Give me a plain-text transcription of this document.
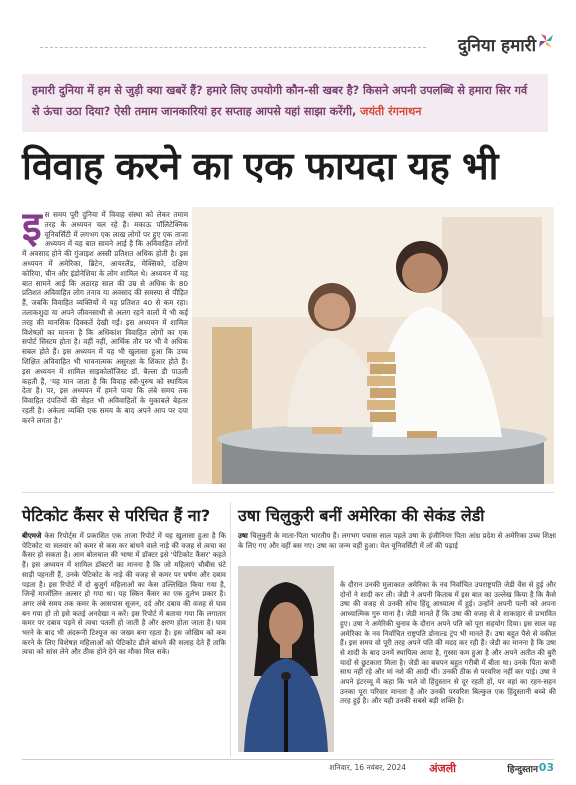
दुनिया हमारी
हमारी दुनिया में हम से जुड़ी क्या खबरें हैं? हमारे लिए उपयोगी कौन-सी खबर है? किसने अपनी उपलब्धि से हमारा सिर गर्व से ऊंचा उठा दिया? ऐसी तमाम जानकारियां हर सप्ताह आपसे यहां साझा करेंगी, जयंती रंगनाथन
विवाह करने का एक फायदा यह भी
इस समय पूरी दुनिया में विवाह संस्था को लेकर तमाम तरह के अध्ययन चल रहे हैं। मकाऊ पॉलिटेक्निक यूनिवर्सिटी में लगभग एक लाख लोगों पर हुए एक ताजा अध्ययन में यह बात सामने आई है कि अविवाहित लोगों में अवसाद होने की गुंजाइश अस्सी प्रतिशत अधिक होती है। इस अध्ययन में अमेरिका, ब्रिटेन, आयरलैंड, मेक्सिको, दक्षिण कोरिया, चीन और इंडोनेशिया के लोग शामिल थे। अध्ययन में यह बात सामने आई कि अठारह साल की उम्र से अधिक के 80 प्रतिशत अविवाहित लोग तनाव या अवसाद की समस्या से पीड़ित हैं, जबकि विवाहित व्यक्तियों में यह प्रतिशत 40 से कम रहा। तलाकशुदा या अपने जीवनसाथी से अलग रहने वालों में भी कई तरह की मानसिक दिक्कतें देखी गईं। इस अध्ययन में शामिल विशेषज्ञों का मानना है कि अधिकांश विवाहित लोगों का एक सपोर्ट सिस्टम होता है। वहीं नहीं, आर्थिक तौर पर भी वे अधिक सबल होते हैं। इस अध्ययन में यह भी खुलासा हुआ कि उच्च शिक्षित अविवाहित भी भावनात्मक असुरक्षा के शिकार होते हैं। इस अध्ययन में शामिल साइकोलॉजिस्ट डॉ. बैल्ला डी पाउली कहती हैं, 'यह मान जाता है कि विवाह स्त्री-पुरुष को स्थायित्व देता है। पर, इस अध्ययन में हमने पाया कि लंबे समय तक विवाहित दंपतियों की सेहत भी अविवाहितों के मुकाबले बेहतर रहती है। अकेला व्यक्ति एक समय के बाद अपने आप पर दया करने लगता है।'
पेटिकोट कैंसर से परिचित हैं ना?
बीएमजे केस रिपोर्ट्स में प्रकाशित एक ताजा रिपोर्ट में यह खुलासा हुआ है कि पेटिकोट या सलवार को कमर से कस कर बांधने वाले नाड़े की वजह से त्वचा का कैंसर हो सकता है। आम बोलचाल की भाषा में डॉक्टर इसे 'पेटिकोट कैंसर' कहते हैं। इस अध्ययन में शामिल डॉक्टरों का मानना है कि जो महिलाएं चौबीस घंटे साड़ी पहनती हैं, उनके पेटिकोट के नाड़े की वजह से कमर पर घर्षण और दबाव पड़ता है। इस रिपोर्ट में दो बुजुर्ग महिलाओं का केस उल्लिखित किया गया है, जिन्हें मार्जोलिन अल्सर हो गया था। यह स्किन कैंसर का एक दुर्लभ प्रकार है। अगर लंबे समय तक कमर के आसपास सूजन, दर्द और दबाव की वजह से घाव बन गया हो तो इसे कतई अनदेखा न करें। इस रिपोर्ट में बताया गया कि लगातार कमर पर दबाव पड़ने से त्वचा पतली हो जाती है और क्षरण होता जाता है। घाव भरने के बाद भी अंदरूनी टिश्यूज का जख्म बना रहता है। इस जोखिम को कम करने के लिए विशेषज्ञ महिलाओं को पेटिकोट ढीले बांधने की सलाह देते हैं ताकि त्वचा को सांस लेने और ठीक होने देने का मौका मिल सके।
उषा चिलुकुरी बनीं अमेरिका की सेकंड लेडी
उषा चिलुकुरी के माता-पिता भारतीय हैं। लगभग पचास साल पहले उषा के इंजीनियर पिता आंध्र प्रदेश से अमेरिका उच्च शिक्षा के लिए गए और वहीं बस गए। उषा का जन्म वहीं हुआ। येल यूनिवर्सिटी में लॉ की पढ़ाई
के दौरान उनकी मुलाकात अमेरिका के नव निर्वाचित उपराष्ट्रपति जेडी वेंस से हुई और दोनों ने शादी कर ली। जेडी ने अपनी किताब में इस बात का उल्लेख किया है कि कैसे उषा की वजह से उनकी सोच हिंदू आध्यात्म में हुई। उन्होंने अपनी पत्नी को अपना आध्यात्मिक गुरु माना है। जेडी मानते हैं कि उषा की वजह से वे शाकाहार से प्रभावित हुए। उषा ने अमेरिकी चुनाव के दौरान अपने पति को पूरा सहयोग दिया। इस साल वह अमेरिका के नव निर्वाचित राष्ट्रपति डोनाल्ड ट्रंप भी मानते हैं। उषा बहुत पैसे से वकील हैं। इस समय वो पूरी तरह अपने पति की मदद कर रही हैं। जेडी का मानना है कि उषा से शादी के बाद उनमें स्थायित्व आया है, गुस्सा कम हुआ है और अपने अतीत की बुरी यादों से छुटकारा मिला है। जेडी का बचपन बहुत गरीबी में बीता था। उनके पिता कभी साथ नहीं रहे और मां नशे की आदी थीं। उनकी ठीक से परवरिश नहीं कर पाई। उषा ने अपने इंटरव्यू में कहा कि भले वो हिंदुस्तान से दूर रहती हों, पर वहां का रहन-सहन उनका पूरा परिवार मानता है और उनकी परवरिश बिल्कुल एक हिंदुस्तानी बच्चे की तरह हुई है। और यही उनकी सबसे बड़ी शक्ति है।
शनिवार, 16 नवंबर, 2024 अंजली	हिन्दुस्तान 03
